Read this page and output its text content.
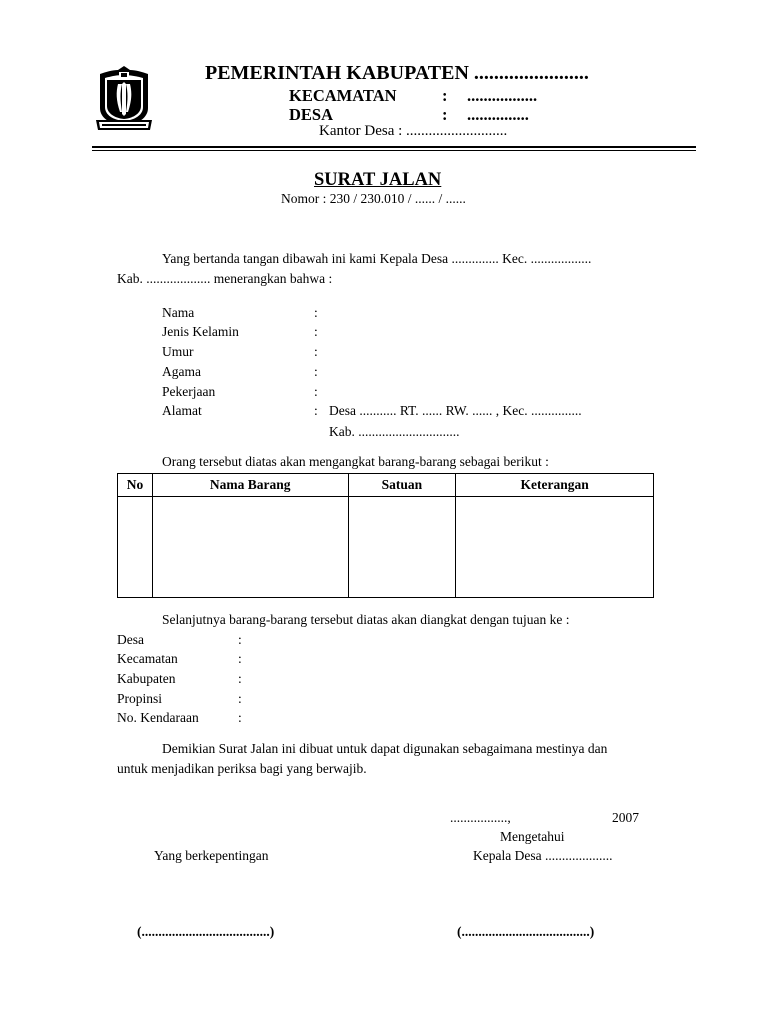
PEMERINTAH KABUPATEN .......................
KECAMATAN	: .................
DESA	: ...............
Kantor Desa : ...........................
SURAT JALAN
Nomor : 230 / 230.010 / ...... / ......
Yang bertanda tangan dibawah ini kami Kepala Desa .............. Kec. ..................
Kab. ................... menerangkan bahwa :
Nama	:
Jenis Kelamin	:
Umur	:
Agama	:
Pekerjaan	:
Alamat	: Desa ........... RT. ...... RW. ...... , Kec. ...............
Kab. ..............................
Orang tersebut diatas akan mengangkat barang-barang sebagai berikut :
No	Nama Barang	Satuan	Keterangan

Selanjutnya barang-barang tersebut diatas akan diangkat dengan tujuan ke :
Desa	:
Kecamatan	:
Kabupaten	:
Propinsi	:
No. Kendaraan	:
Demikian Surat Jalan ini dibuat untuk dapat digunakan sebagaimana mestinya dan
untuk menjadikan periksa bagi yang berwajib.
.................,	2007
Mengetahui
Yang berkepentingan	Kepala Desa ....................
(......................................)	(......................................)
